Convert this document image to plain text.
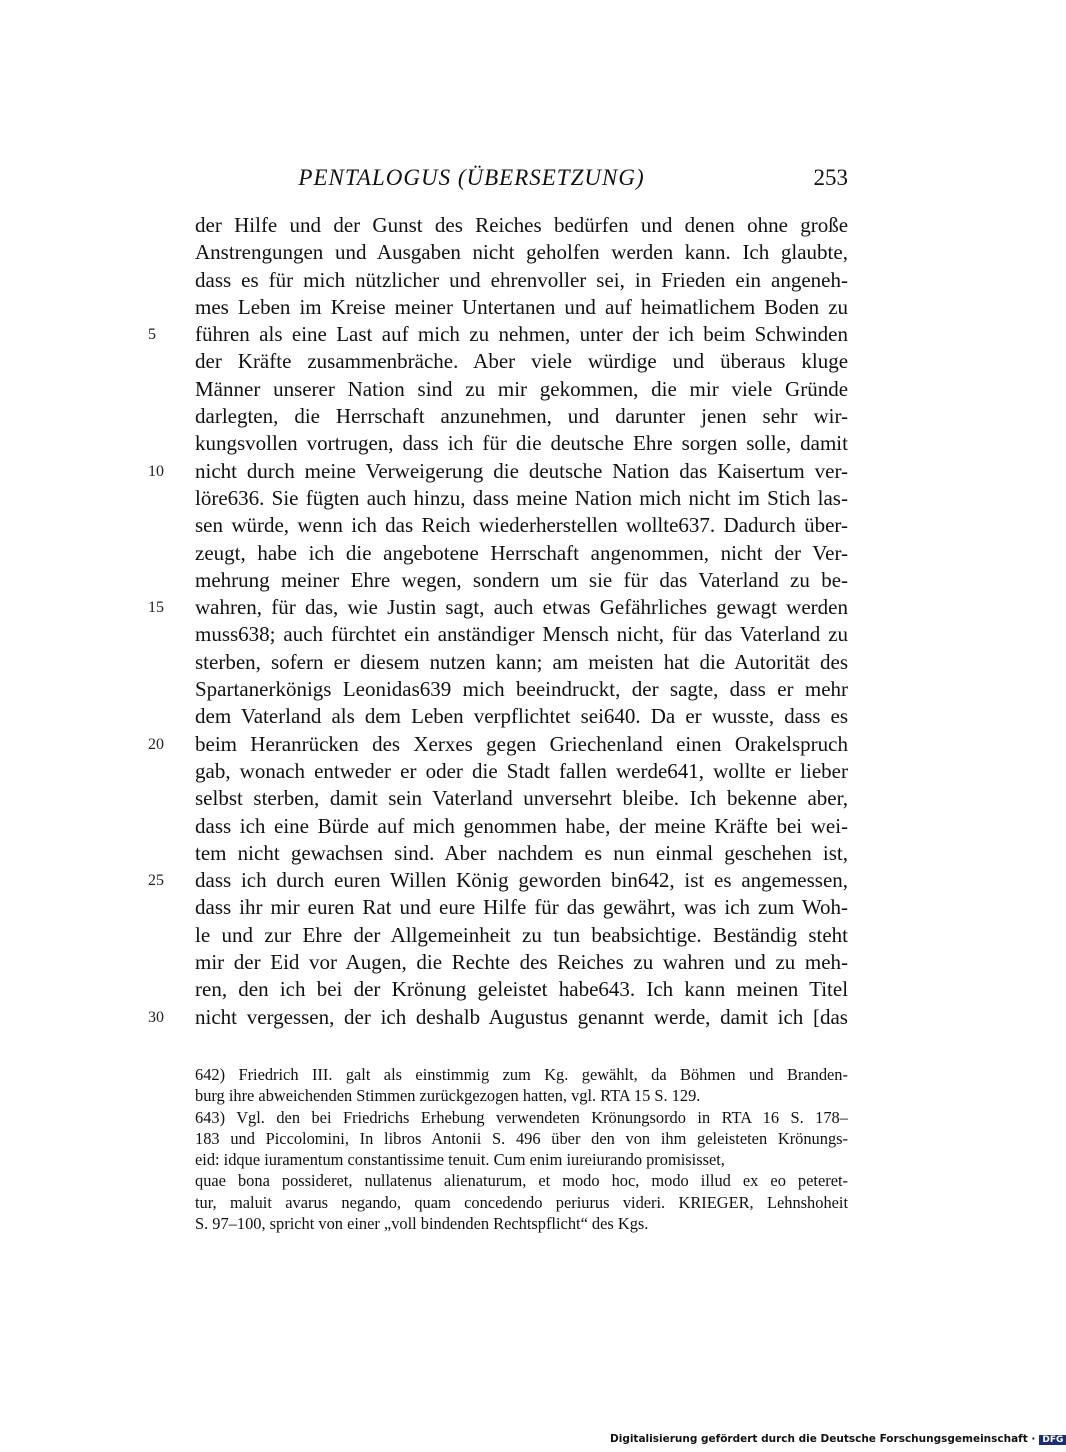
PENTALOGUS (ÜBERSETZUNG)	253
der Hilfe und der Gunst des Reiches bedürfen und denen ohne große
Anstrengungen und Ausgaben nicht geholfen werden kann. Ich glaubte,
dass es für mich nützlicher und ehrenvoller sei, in Frieden ein angeneh-
mes Leben im Kreise meiner Untertanen und auf heimatlichem Boden zu
5	führen als eine Last auf mich zu nehmen, unter der ich beim Schwinden
der Kräfte zusammenbräche. Aber viele würdige und überaus kluge
Männer unserer Nation sind zu mir gekommen, die mir viele Gründe
darlegten, die Herrschaft anzunehmen, und darunter jenen sehr wir-
kungsvollen vortrugen, dass ich für die deutsche Ehre sorgen solle, damit
10	nicht durch meine Verweigerung die deutsche Nation das Kaisertum ver-
löre636. Sie fügten auch hinzu, dass meine Nation mich nicht im Stich las-
sen würde, wenn ich das Reich wiederherstellen wollte637. Dadurch über-
zeugt, habe ich die angebotene Herrschaft angenommen, nicht der Ver-
mehrung meiner Ehre wegen, sondern um sie für das Vaterland zu be-
15	wahren, für das, wie Justin sagt, auch etwas Gefährliches gewagt werden
muss638; auch fürchtet ein anständiger Mensch nicht, für das Vaterland zu
sterben, sofern er diesem nutzen kann; am meisten hat die Autorität des
Spartanerkönigs Leonidas639 mich beeindruckt, der sagte, dass er mehr
dem Vaterland als dem Leben verpflichtet sei640. Da er wusste, dass es
20	beim Heranrücken des Xerxes gegen Griechenland einen Orakelspruch
gab, wonach entweder er oder die Stadt fallen werde641, wollte er lieber
selbst sterben, damit sein Vaterland unversehrt bleibe. Ich bekenne aber,
dass ich eine Bürde auf mich genommen habe, der meine Kräfte bei wei-
tem nicht gewachsen sind. Aber nachdem es nun einmal geschehen ist,
25	dass ich durch euren Willen König geworden bin642, ist es angemessen,
dass ihr mir euren Rat und eure Hilfe für das gewährt, was ich zum Woh-
le und zur Ehre der Allgemeinheit zu tun beabsichtige. Beständig steht
mir der Eid vor Augen, die Rechte des Reiches zu wahren und zu meh-
ren, den ich bei der Krönung geleistet habe643. Ich kann meinen Titel
30	nicht vergessen, der ich deshalb Augustus genannt werde, damit ich [das
642) Friedrich III. galt als einstimmig zum Kg. gewählt, da Böhmen und Branden-
burg ihre abweichenden Stimmen zurückgezogen hatten, vgl. RTA 15 S. 129.
643) Vgl. den bei Friedrichs Erhebung verwendeten Krönungsordo in RTA 16 S. 178–
183 und Piccolomini, In libros Antonii S. 496 über den von ihm geleisteten Krönungs-
eid: idque iuramentum constantissime tenuit. Cum enim iureiurando promisisset,
quae bona possideret, nullatenus alienaturum, et modo hoc, modo illud ex eo peteret-
tur, maluit avarus negando, quam concedendo periurus videri. KRIEGER, Lehnshoheit
S. 97–100, spricht von einer „voll bindenden Rechtspflicht“ des Kgs.
Digitalisierung gefördert durch die Deutsche Forschungsgemeinschaft · DFG
